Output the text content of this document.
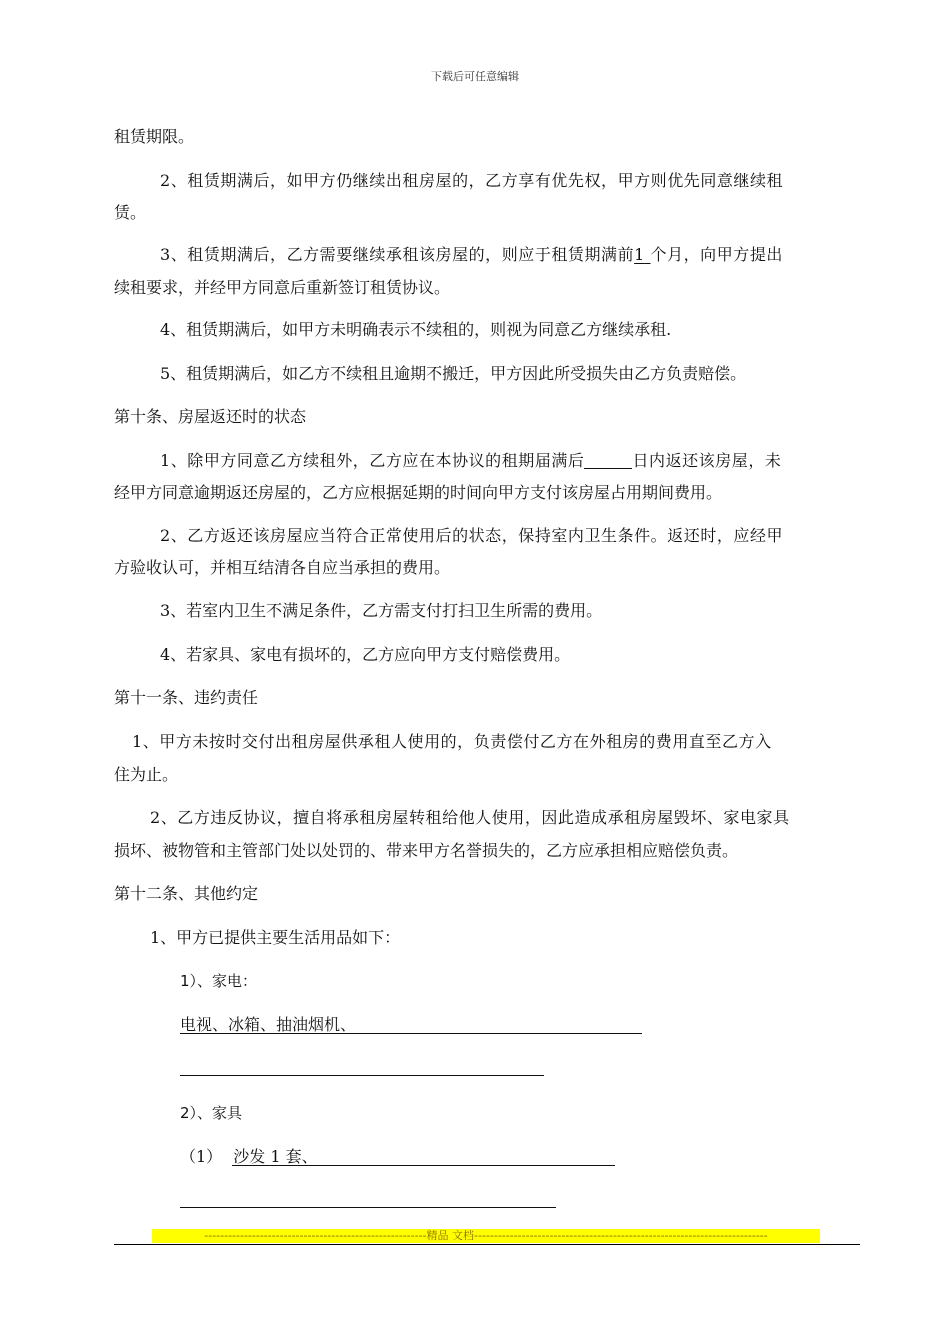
下载后可任意编辑
租赁期限。
2、租赁期满后，如甲方仍继续出租房屋的，乙方享有优先权，甲方则优先同意继续租
赁。
3、租赁期满后，乙方需要继续承租该房屋的，则应于租赁期满前1 个月，向甲方提出
续租要求，并经甲方同意后重新签订租赁协议。
4、租赁期满后，如甲方未明确表示不续租的，则视为同意乙方继续承租.
5、租赁期满后，如乙方不续租且逾期不搬迁，甲方因此所受损失由乙方负责赔偿。
第十条、房屋返还时的状态
1、除甲方同意乙方续租外，乙方应在本协议的租期届满后	日内返还该房屋，未
经甲方同意逾期返还房屋的，乙方应根据延期的时间向甲方支付该房屋占用期间费用。
2、乙方返还该房屋应当符合正常使用后的状态，保持室内卫生条件。返还时，应经甲
方验收认可，并相互结清各自应当承担的费用。
3、若室内卫生不满足条件，乙方需支付打扫卫生所需的费用。
4、若家具、家电有损坏的，乙方应向甲方支付赔偿费用。
第十一条、违约责任
1、甲方未按时交付出租房屋供承租人使用的，负责偿付乙方在外租房的费用直至乙方入
住为止。
2、乙方违反协议，擅自将承租房屋转租给他人使用，因此造成承租房屋毁坏、家电家具
损坏、被物管和主管部门处以处罚的、带来甲方名誉损失的，乙方应承担相应赔偿负责。
第十二条、其他约定
1、甲方已提供主要生活用品如下：
1）、家电：
电视、冰箱、抽油烟机、
2）、家具
（1） 沙发 1 套、
--------------------------------------------------------精品 文档--------------------------------------------------------------------------
